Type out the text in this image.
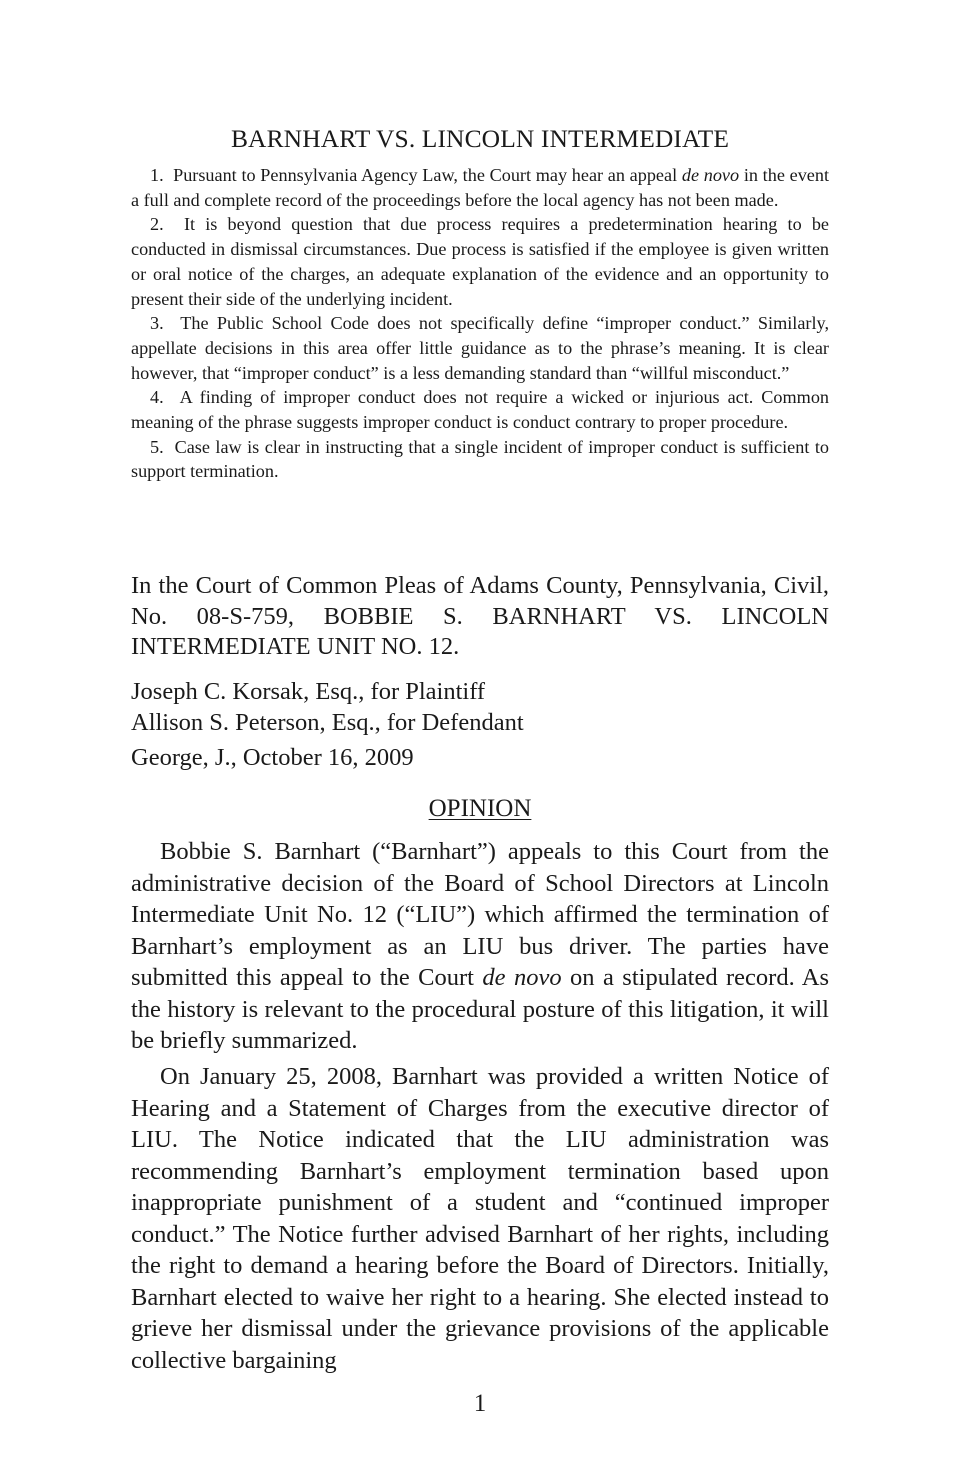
BARNHART VS. LINCOLN INTERMEDIATE

1. Pursuant to Pennsylvania Agency Law, the Court may hear an appeal de novo in the event a full and complete record of the proceedings before the local agency has not been made.

2. It is beyond question that due process requires a predetermination hearing to be conducted in dismissal circumstances. Due process is satisfied if the employee is given written or oral notice of the charges, an adequate explanation of the evidence and an opportunity to present their side of the underlying incident.

3. The Public School Code does not specifically define “improper conduct.” Similarly, appellate decisions in this area offer little guidance as to the phrase’s meaning. It is clear however, that “improper conduct” is a less demanding standard than “willful misconduct.”

4. A finding of improper conduct does not require a wicked or injurious act. Common meaning of the phrase suggests improper conduct is conduct contrary to proper procedure.

5. Case law is clear in instructing that a single incident of improper conduct is sufficient to support termination.

In the Court of Common Pleas of Adams County, Pennsylvania, Civil, No. 08-S-759, BOBBIE S. BARNHART VS. LINCOLN INTERMEDIATE UNIT NO. 12.

Joseph C. Korsak, Esq., for Plaintiff
Allison S. Peterson, Esq., for Defendant
George, J., October 16, 2009
OPINION

Bobbie S. Barnhart (“Barnhart”) appeals to this Court from the administrative decision of the Board of School Directors at Lincoln Intermediate Unit No. 12 (“LIU”) which affirmed the termination of Barnhart’s employment as an LIU bus driver. The parties have submitted this appeal to the Court de novo on a stipulated record. As the history is relevant to the procedural posture of this litigation, it will be briefly summarized.

On January 25, 2008, Barnhart was provided a written Notice of Hearing and a Statement of Charges from the executive director of LIU. The Notice indicated that the LIU administration was recommending Barnhart’s employment termination based upon inappropriate punishment of a student and “continued improper conduct.” The Notice further advised Barnhart of her rights, including the right to demand a hearing before the Board of Directors. Initially, Barnhart elected to waive her right to a hearing. She elected instead to grieve her dismissal under the grievance provisions of the applicable collective bargaining

1
